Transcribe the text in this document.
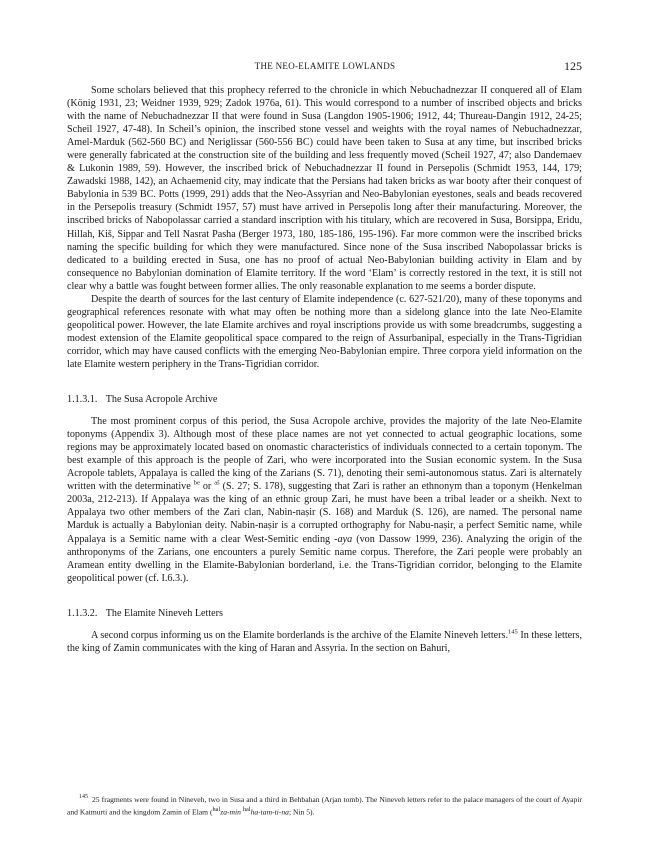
THE NEO-ELAMITE LOWLANDS	125

Some scholars believed that this prophecy referred to the chronicle in which Nebuchadnezzar II conquered all of Elam (König 1931, 23; Weidner 1939, 929; Zadok 1976a, 61). This would correspond to a number of inscribed objects and bricks with the name of Nebuchadnezzar II that were found in Susa (Langdon 1905-1906; 1912, 44; Thureau-Dangin 1912, 24-25; Scheil 1927, 47-48). In Scheil’s opinion, the inscribed stone vessel and weights with the royal names of Nebuchadnezzar, Amel-Marduk (562-560 BC) and Neriglissar (560-556 BC) could have been taken to Susa at any time, but inscribed bricks were generally fabricated at the construction site of the building and less frequently moved (Scheil 1927, 47; also Dandemaev & Lukonin 1989, 59). However, the inscribed brick of Nebuchadnezzar II found in Persepolis (Schmidt 1953, 144, 179; Zawadski 1988, 142), an Achaemenid city, may indicate that the Persians had taken bricks as war booty after their conquest of Babylonia in 539 BC. Potts (1999, 291) adds that the Neo-Assyrian and Neo-Babylonian eyestones, seals and beads recovered in the Persepolis treasury (Schmidt 1957, 57) must have arrived in Persepolis long after their manufacturing. Moreover, the inscribed bricks of Nabopolassar carried a standard inscription with his titulary, which are recovered in Susa, Borsippa, Eridu, Hillah, Kiš, Sippar and Tell Nasrat Pasha (Berger 1973, 180, 185-186, 195-196). Far more common were the inscribed bricks naming the specific building for which they were manufactured. Since none of the Susa inscribed Nabopolassar bricks is dedicated to a building erected in Susa, one has no proof of actual Neo-Babylonian building activity in Elam and by consequence no Babylonian domination of Elamite territory. If the word ‘Elam’ is correctly restored in the text, it is still not clear why a battle was fought between former allies. The only reasonable explanation to me seems a border dispute.

Despite the dearth of sources for the last century of Elamite independence (c. 627-521/20), many of these toponyms and geographical references resonate with what may often be nothing more than a sidelong glance into the late Neo-Elamite geopolitical power. However, the late Elamite archives and royal inscriptions provide us with some breadcrumbs, suggesting a modest extension of the Elamite geopolitical space compared to the reign of Assurbanipal, especially in the Trans-Tigridian corridor, which may have caused conflicts with the emerging Neo-Babylonian empire. Three corpora yield information on the late Elamite western periphery in the Trans-Tigridian corridor.

1.1.3.1. The Susa Acropole Archive

The most prominent corpus of this period, the Susa Acropole archive, provides the majority of the late Neo-Elamite toponyms (Appendix 3). Although most of these place names are not yet connected to actual geographic locations, some regions may be approximately located based on onomastic characteristics of individuals connected to a certain toponym. The best example of this approach is the people of Zari, who were incorporated into the Susian economic system. In the Susa Acropole tablets, Appalaya is called the king of the Zarians (S. 71), denoting their semi-autonomous status. Zari is alternately written with the determinative $^{be}$ or $^{aš}$ (S. 27; S. 178), suggesting that Zari is rather an ethnonym than a toponym (Henkelman 2003a, 212-213). If Appalaya was the king of an ethnic group Zari, he must have been a tribal leader or a sheikh. Next to Appalaya two other members of the Zari clan, Nabin-naṣir (S. 168) and Marduk (S. 126), are named. The personal name Marduk is actually a Babylonian deity. Nabin-naṣir is a corrupted orthography for Nabu-naṣir, a perfect Semitic name, while Appalaya is a Semitic name with a clear West-Semitic ending -aya (von Dassow 1999, 236). Analyzing the origin of the anthroponyms of the Zarians, one encounters a purely Semitic name corpus. Therefore, the Zari people were probably an Aramean entity dwelling in the Elamite-Babylonian borderland, i.e. the Trans-Tigridian corridor, belonging to the Elamite geopolitical power (cf. I.6.3.).

1.1.3.2. The Elamite Nineveh Letters

A second corpus informing us on the Elamite borderlands is the archive of the Elamite Nineveh letters.$^{145}$ In these letters, the king of Zamin communicates with the king of Haran and Assyria. In the section on Bahuri,

$^{145}$ 25 fragments were found in Nineveh, two in Susa and a third in Behbahan (Arjan tomb). The Nineveh letters refer to the palace managers of the court of Ayapir and Katmurti and the kingdom Zamin of Elam ($^{hal}$za-min $^{hal}$ha-tam-ti-na; Nin 5).
